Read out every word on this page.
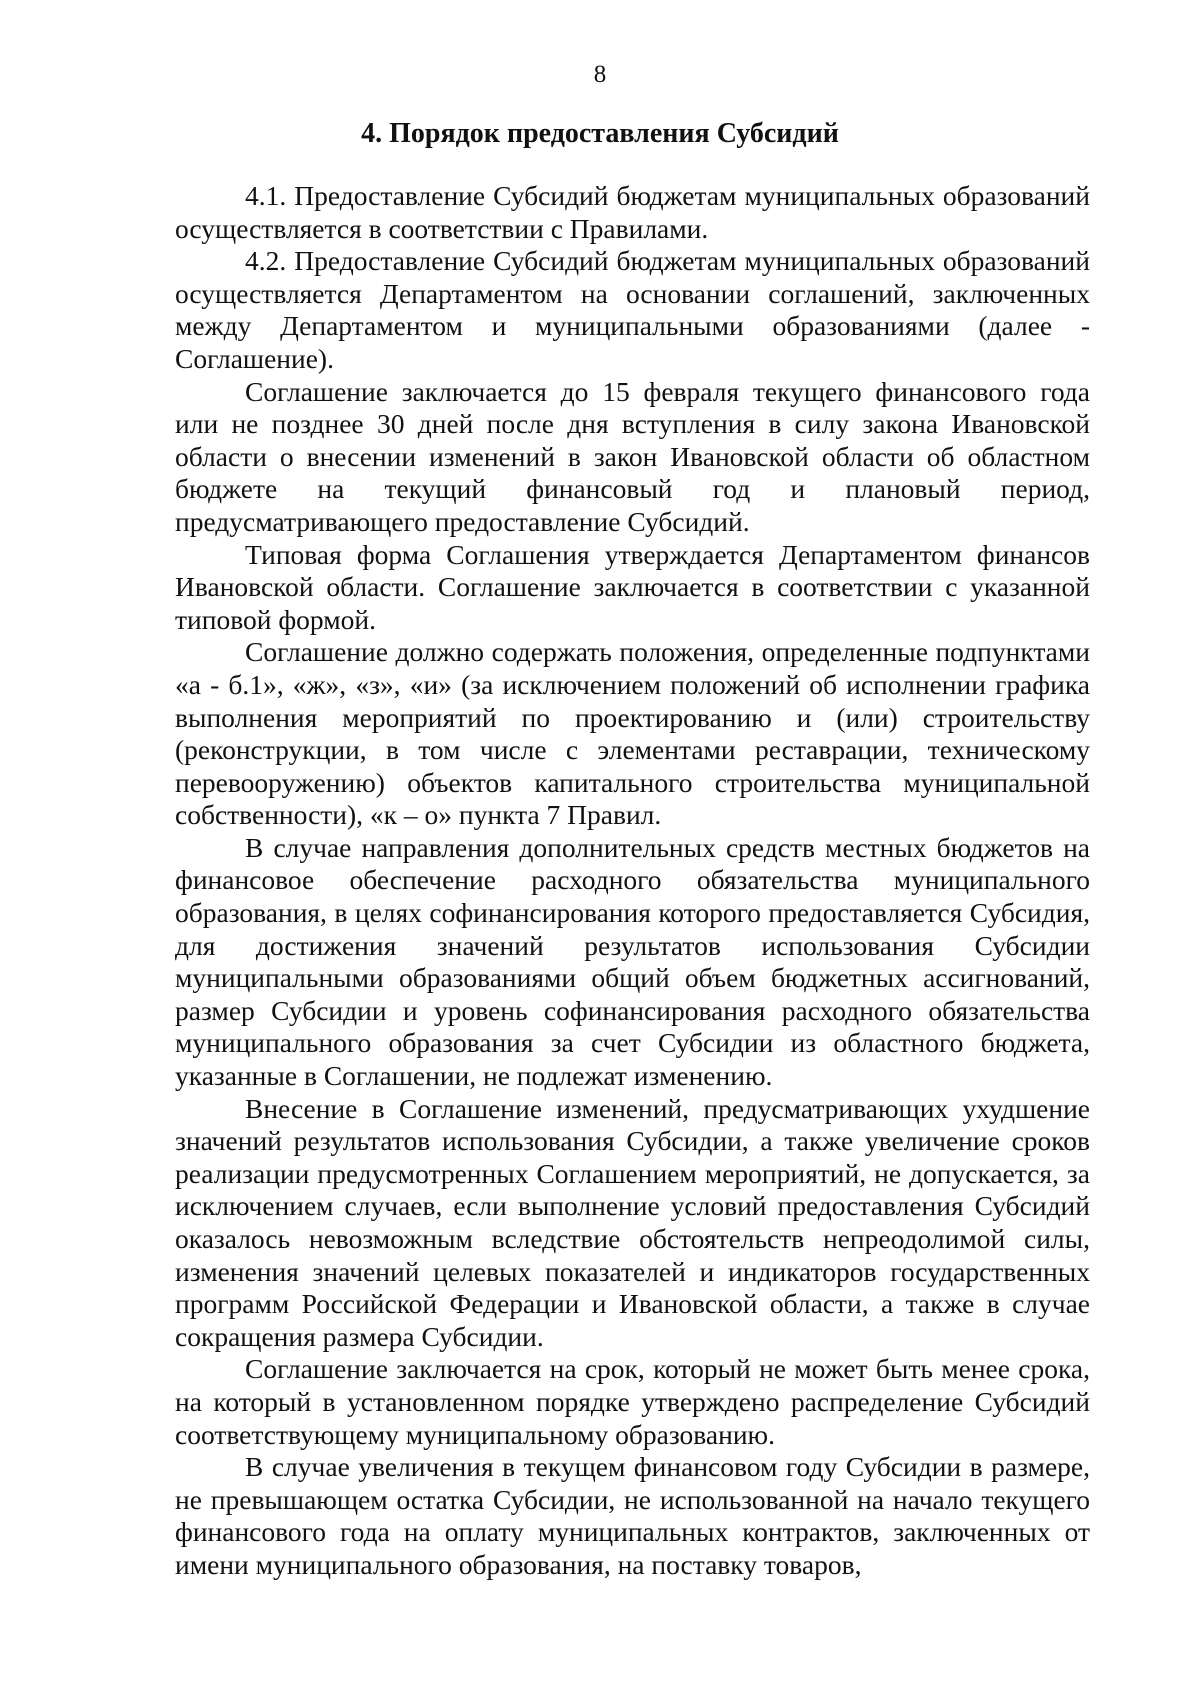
8
4. Порядок предоставления Субсидий

4.1. Предоставление Субсидий бюджетам муниципальных образований осуществляется в соответствии с Правилами.

4.2. Предоставление Субсидий бюджетам муниципальных образований осуществляется Департаментом на основании соглашений, заключенных между Департаментом и муниципальными образованиями (далее - Соглашение).

Соглашение заключается до 15 февраля текущего финансового года или не позднее 30 дней после дня вступления в силу закона Ивановской области о внесении изменений в закон Ивановской области об областном бюджете на текущий финансовый год и плановый период, предусматривающего предоставление Субсидий.

Типовая форма Соглашения утверждается Департаментом финансов Ивановской области. Соглашение заключается в соответствии с указанной типовой формой.

Соглашение должно содержать положения, определенные подпунктами «а - б.1», «ж», «з», «и» (за исключением положений об исполнении графика выполнения мероприятий по проектированию и (или) строительству (реконструкции, в том числе с элементами реставрации, техническому перевооружению) объектов капитального строительства муниципальной собственности), «к – о» пункта 7 Правил.

В случае направления дополнительных средств местных бюджетов на финансовое обеспечение расходного обязательства муниципального образования, в целях софинансирования которого предоставляется Субсидия, для достижения значений результатов использования Субсидии муниципальными образованиями общий объем бюджетных ассигнований, размер Субсидии и уровень софинансирования расходного обязательства муниципального образования за счет Субсидии из областного бюджета, указанные в Соглашении, не подлежат изменению.

Внесение в Соглашение изменений, предусматривающих ухудшение значений результатов использования Субсидии, а также увеличение сроков реализации предусмотренных Соглашением мероприятий, не допускается, за исключением случаев, если выполнение условий предоставления Субсидий оказалось невозможным вследствие обстоятельств непреодолимой силы, изменения значений целевых показателей и индикаторов государственных программ Российской Федерации и Ивановской области, а также в случае сокращения размера Субсидии.

Соглашение заключается на срок, который не может быть менее срока, на который в установленном порядке утверждено распределение Субсидий соответствующему муниципальному образованию.

В случае увеличения в текущем финансовом году Субсидии в размере, не превышающем остатка Субсидии, не использованной на начало текущего финансового года на оплату муниципальных контрактов, заключенных от имени муниципального образования, на поставку товаров,
